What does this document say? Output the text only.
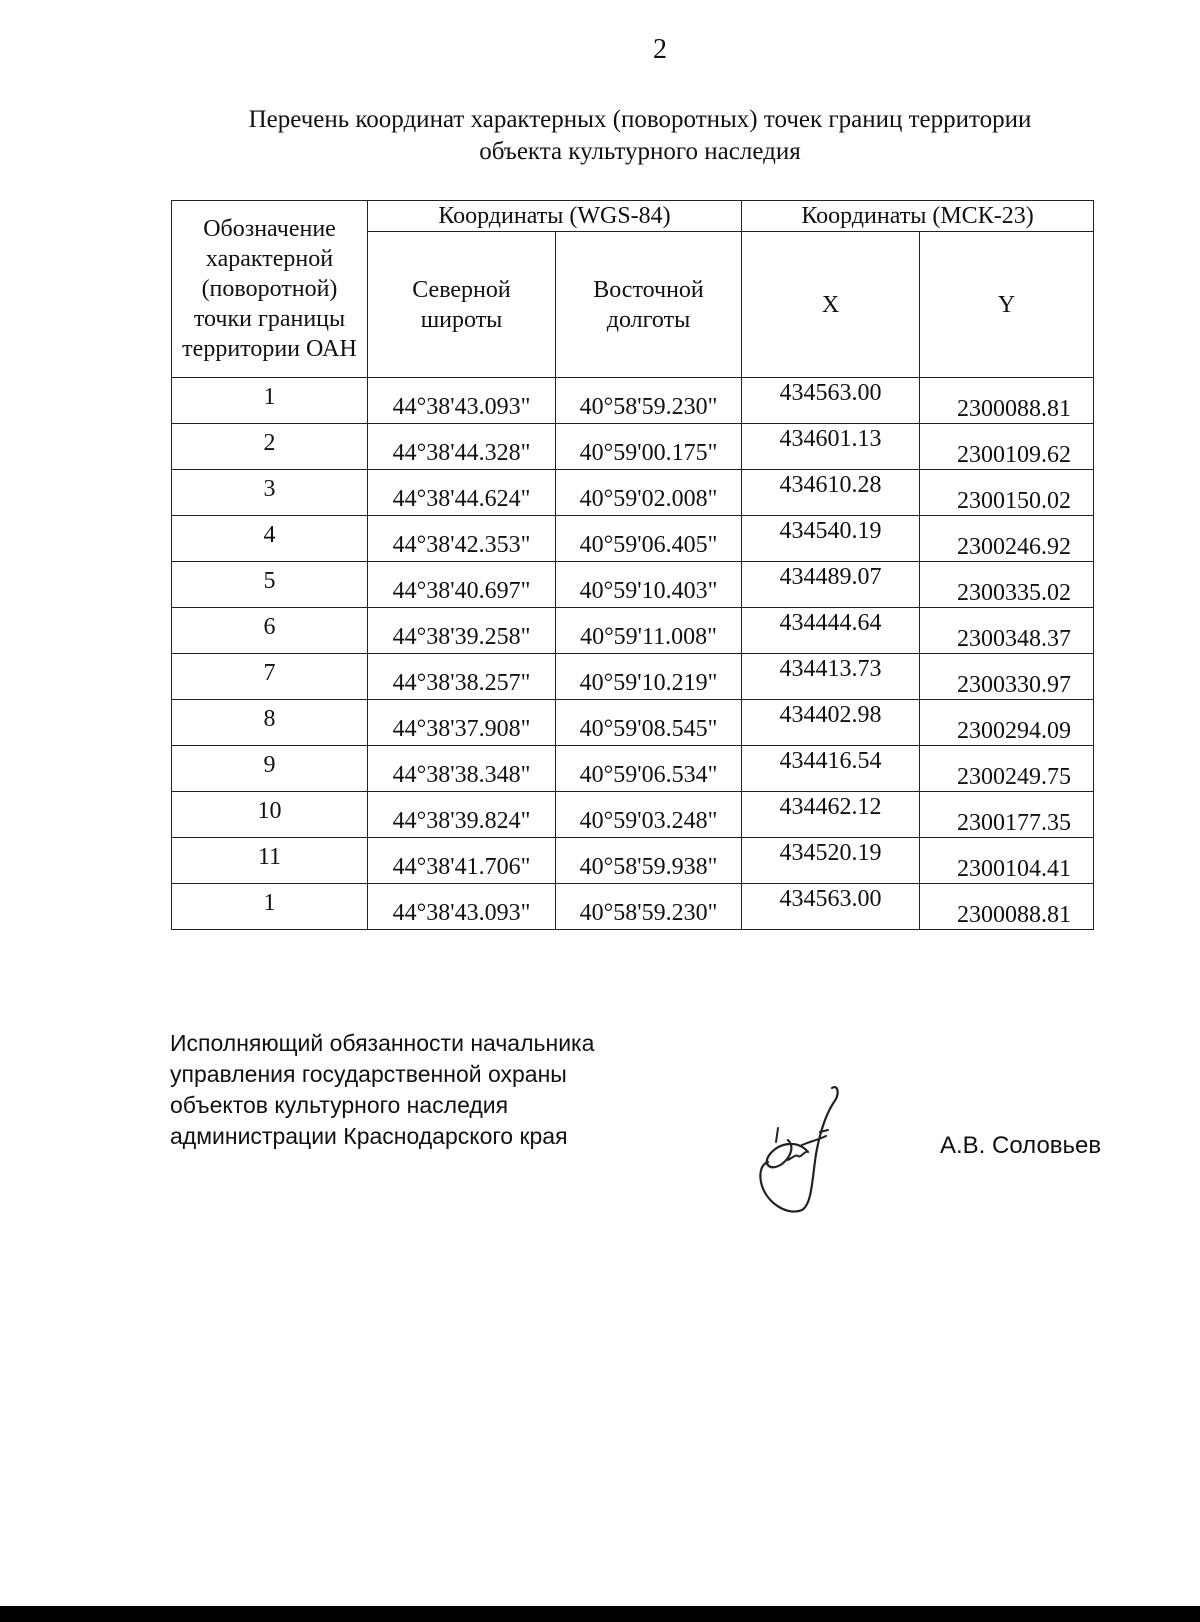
2
Перечень координат характерных (поворотных) точек границ территории
объекта культурного наследия
Обозначение характерной (поворотной) точки границы территории ОАН	Координаты (WGS-84)		Координаты (МСК-23)	
	Северной широты	Восточной долготы	X	Y
1	44°38'43.093"	40°58'59.230"	434563.00	2300088.81
2	44°38'44.328"	40°59'00.175"	434601.13	2300109.62
3	44°38'44.624"	40°59'02.008"	434610.28	2300150.02
4	44°38'42.353"	40°59'06.405"	434540.19	2300246.92
5	44°38'40.697"	40°59'10.403"	434489.07	2300335.02
6	44°38'39.258"	40°59'11.008"	434444.64	2300348.37
7	44°38'38.257"	40°59'10.219"	434413.73	2300330.97
8	44°38'37.908"	40°59'08.545"	434402.98	2300294.09
9	44°38'38.348"	40°59'06.534"	434416.54	2300249.75
10	44°38'39.824"	40°59'03.248"	434462.12	2300177.35
11	44°38'41.706"	40°58'59.938"	434520.19	2300104.41
1	44°38'43.093"	40°58'59.230"	434563.00	2300088.81
Исполняющий обязанности начальника
управления государственной охраны
объектов культурного наследия
администрации Краснодарского края	А.В. Соловьев
